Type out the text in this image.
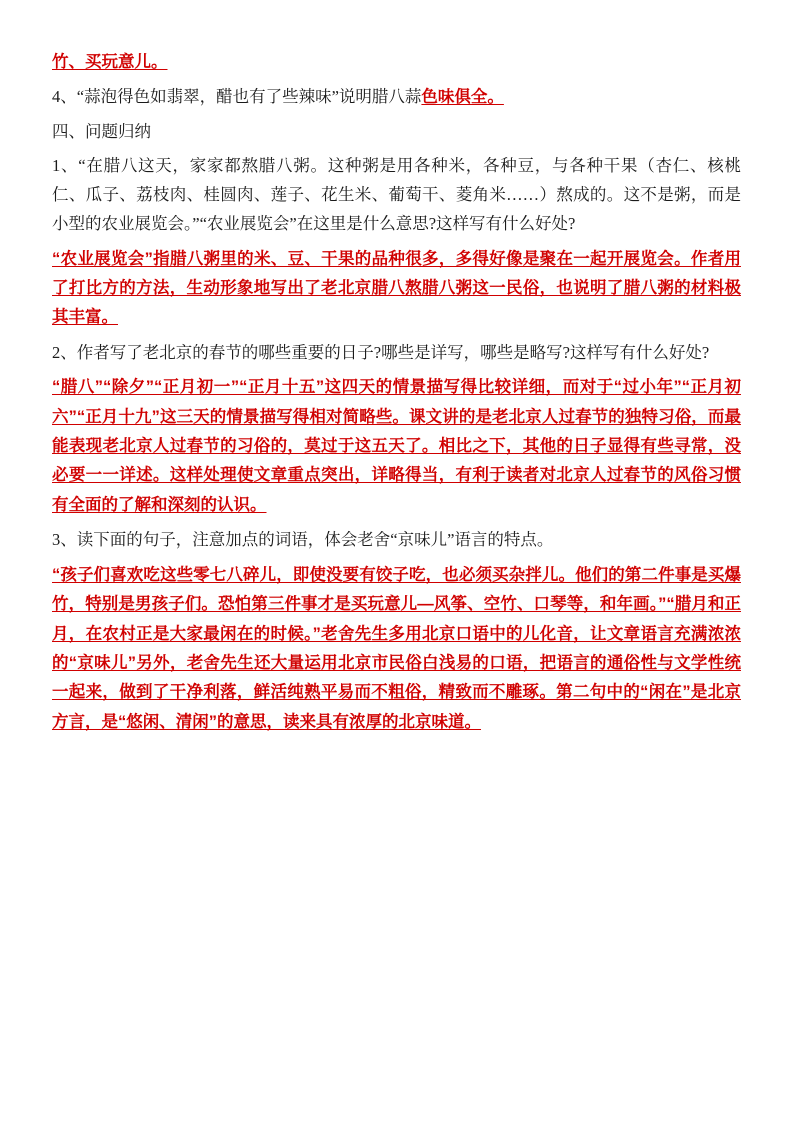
竹、买玩意儿。

4、“蒜泡得色如翡翠，醋也有了些辣味”说明腊八蒜色味俱全。

四、问题归纳
1、“在腊八这天，家家都熬腊八粥。这种粥是用各种米，各种豆，与各种干果（杏仁、核桃仁、瓜子、荔枝肉、桂圆肉、莲子、花生米、葡萄干、菱角米……）熬成的。这不是粥，而是小型的农业展览会。”“农业展览会”在这里是什么意思?这样写有什么好处?
“农业展览会”指腊八粥里的米、豆、干果的品种很多，多得好像是聚在一起开展览会。作者用了打比方的方法，生动形象地写出了老北京腊八熬腊八粥这一民俗，也说明了腊八粥的材料极其丰富。
2、作者写了老北京的春节的哪些重要的日子?哪些是详写，哪些是略写?这样写有什么好处?
“腊八”“除夕”“正月初一”“正月十五”这四天的情景描写得比较详细，而对于“过小年”“正月初六”“正月十九”这三天的情景描写得相对简略些。课文讲的是老北京人过春节的独特习俗，而最能表现老北京人过春节的习俗的，莫过于这五天了。相比之下，其他的日子显得有些寻常，没必要一一详述。这样处理使文章重点突出，详略得当，有利于读者对北京人过春节的风俗习惯有全面的了解和深刻的认识。
3、读下面的句子，注意加点的词语，体会老舍“京味儿”语言的特点。
“孩子们喜欢吃这些零七八碎儿，即使没要有饺子吃，也必须买杂拌儿。他们的第二件事是买爆竹，特别是男孩子们。恐怕第三件事才是买玩意儿—风筝、空竹、口琴等，和年画。”“腊月和正月，在农村正是大家最闲在的时候。”老舍先生多用北京口语中的儿化音，让文章语言充满浓浓的“京味儿”另外，老舍先生还大量运用北京市民俗白浅易的口语，把语言的通俗性与文学性统一起来，做到了干净利落，鲜活纯熟平易而不粗俗，精致而不雕琢。第二句中的“闲在”是北京方言，是“悠闲、清闲”的意思，读来具有浓厚的北京味道。
